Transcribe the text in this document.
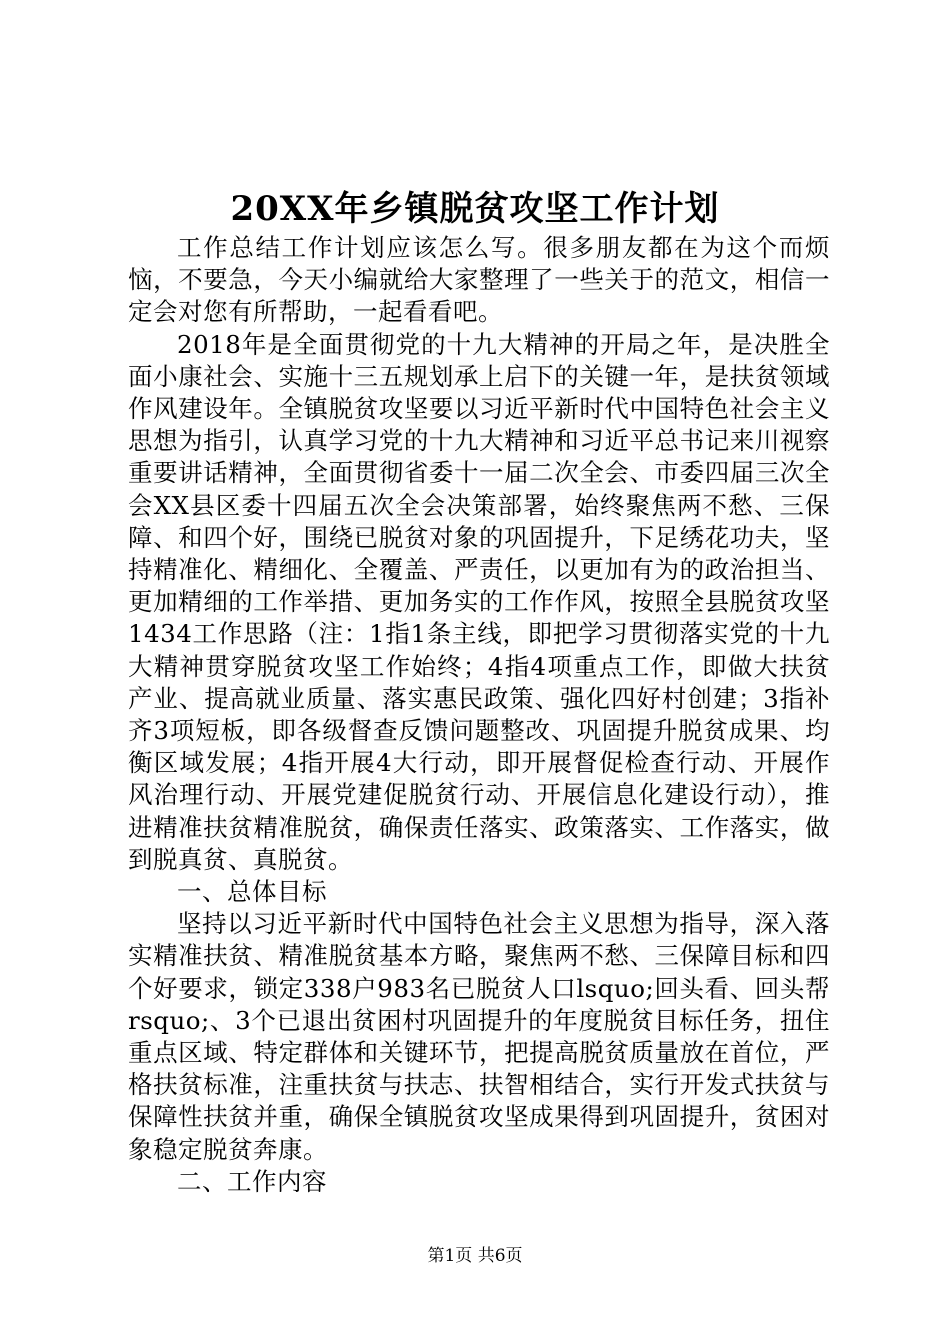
20XX年乡镇脱贫攻坚工作计划

工作总结工作计划应该怎么写。很多朋友都在为这个而烦恼，不要急，今天小编就给大家整理了一些关于的范文，相信一定会对您有所帮助，一起看看吧。

2018年是全面贯彻党的十九大精神的开局之年，是决胜全面小康社会、实施十三五规划承上启下的关键一年，是扶贫领域作风建设年。全镇脱贫攻坚要以习近平新时代中国特色社会主义思想为指引，认真学习党的十九大精神和习近平总书记来川视察重要讲话精神，全面贯彻省委十一届二次全会、市委四届三次全会XX县区委十四届五次全会决策部署，始终聚焦两不愁、三保障、和四个好，围绕已脱贫对象的巩固提升，下足绣花功夫，坚持精准化、精细化、全覆盖、严责任，以更加有为的政治担当、更加精细的工作举措、更加务实的工作作风，按照全县脱贫攻坚1434工作思路（注：1指1条主线，即把学习贯彻落实党的十九大精神贯穿脱贫攻坚工作始终；4指4项重点工作，即做大扶贫产业、提高就业质量、落实惠民政策、强化四好村创建；3指补齐3项短板，即各级督查反馈问题整改、巩固提升脱贫成果、均衡区域发展；4指开展4大行动，即开展督促检查行动、开展作风治理行动、开展党建促脱贫行动、开展信息化建设行动），推进精准扶贫精准脱贫，确保责任落实、政策落实、工作落实，做到脱真贫、真脱贫。

一、总体目标

坚持以习近平新时代中国特色社会主义思想为指导，深入落实精准扶贫、精准脱贫基本方略，聚焦两不愁、三保障目标和四个好要求，锁定338户983名已脱贫人口lsquo;回头看、回头帮rsquo;、3个已退出贫困村巩固提升的年度脱贫目标任务，扭住重点区域、特定群体和关键环节，把提高脱贫质量放在首位，严格扶贫标准，注重扶贫与扶志、扶智相结合，实行开发式扶贫与保障性扶贫并重，确保全镇脱贫攻坚成果得到巩固提升，贫困对象稳定脱贫奔康。

二、工作内容
第1页 共6页
